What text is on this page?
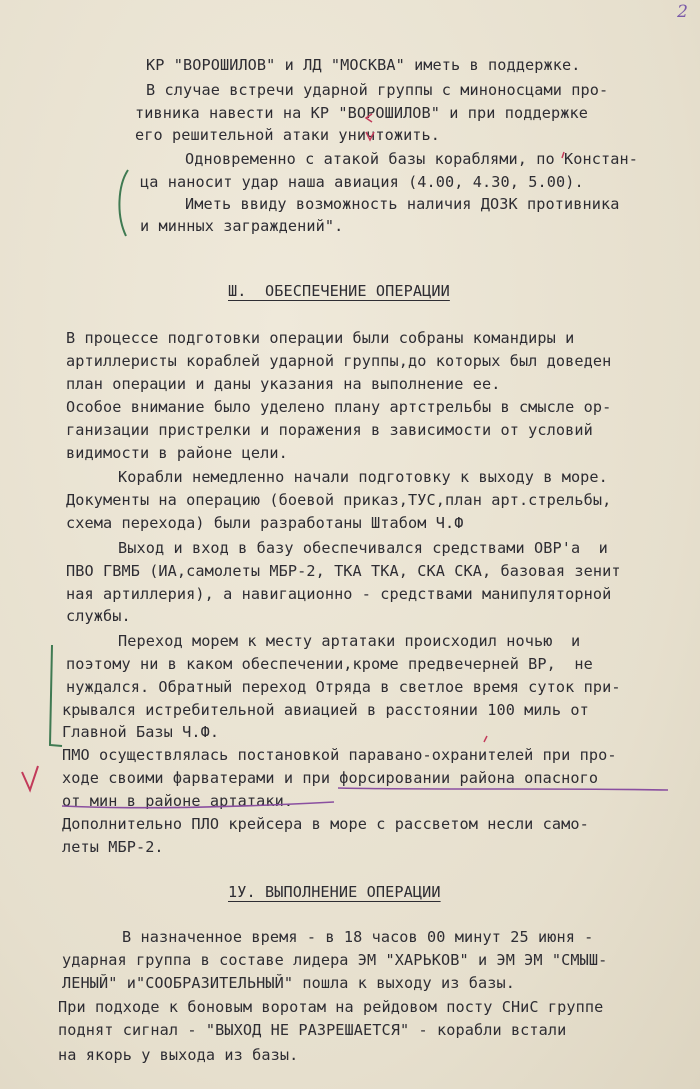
2
КР "ВОРОШИЛОВ" и ЛД "МОСКВА" иметь в поддержке.
В случае встречи ударной группы с миноносцами про-
тивника навести на КР "ВОРОШИЛОВ" и при поддержке
его решительной атаки уничтожить.
Одновременно с атакой базы кораблями, по Констан-
ца наносит удар наша авиация (4.00, 4.30, 5.00).
Иметь ввиду возможность наличия ДОЗК противника
и минных заграждений".
Ш.  ОБЕСПЕЧЕНИЕ ОПЕРАЦИИ
В процессе подготовки операции были собраны командиры и
артиллеристы кораблей ударной группы,до которых был доведен
план операции и даны указания на выполнение ее.
Особое внимание было уделено плану артстрельбы в смысле ор-
ганизации пристрелки и поражения в зависимости от условий
видимости в районе цели.
Корабли немедленно начали подготовку к выходу в море.
Документы на операцию (боевой приказ,ТУС,план арт.стрельбы,
схема перехода) были разработаны Штабом Ч.Ф
Выход и вход в базу обеспечивался средствами ОВР'а  и
ПВО ГВМБ (ИА,самолеты МБР-2, ТКА ТКА, СКА СКА, базовая зенит
ная артиллерия), а навигационно - средствами манипуляторной
службы.
Переход морем к месту артатаки происходил ночью  и
поэтому ни в каком обеспечении,кроме предвечерней ВР,  не
нуждался. Обратный переход Отряда в светлое время суток при-
крывался истребительной авиацией в расстоянии 100 миль от
Главной Базы Ч.Ф.
ПМО осуществлялась постановкой паравано-охранителей при про-
ходе своими фарватерами и при форсировании района опасного
от мин в районе артатаки.
Дополнительно ПЛО крейсера в море с рассветом несли само-
леты МБР-2.
1У. ВЫПОЛНЕНИЕ ОПЕРАЦИИ
В назначенное время - в 18 часов 00 минут 25 июня -
ударная группа в составе лидера ЭМ "ХАРЬКОВ" и ЭМ ЭМ "СМЫШ-
ЛЕНЫЙ" и"СООБРАЗИТЕЛЬНЫЙ" пошла к выходу из базы.
При подходе к боновым воротам на рейдовом посту СНиС группе
поднят сигнал - "ВЫХОД НЕ РАЗРЕШАЕТСЯ" - корабли встали
на якорь у выхода из базы.
